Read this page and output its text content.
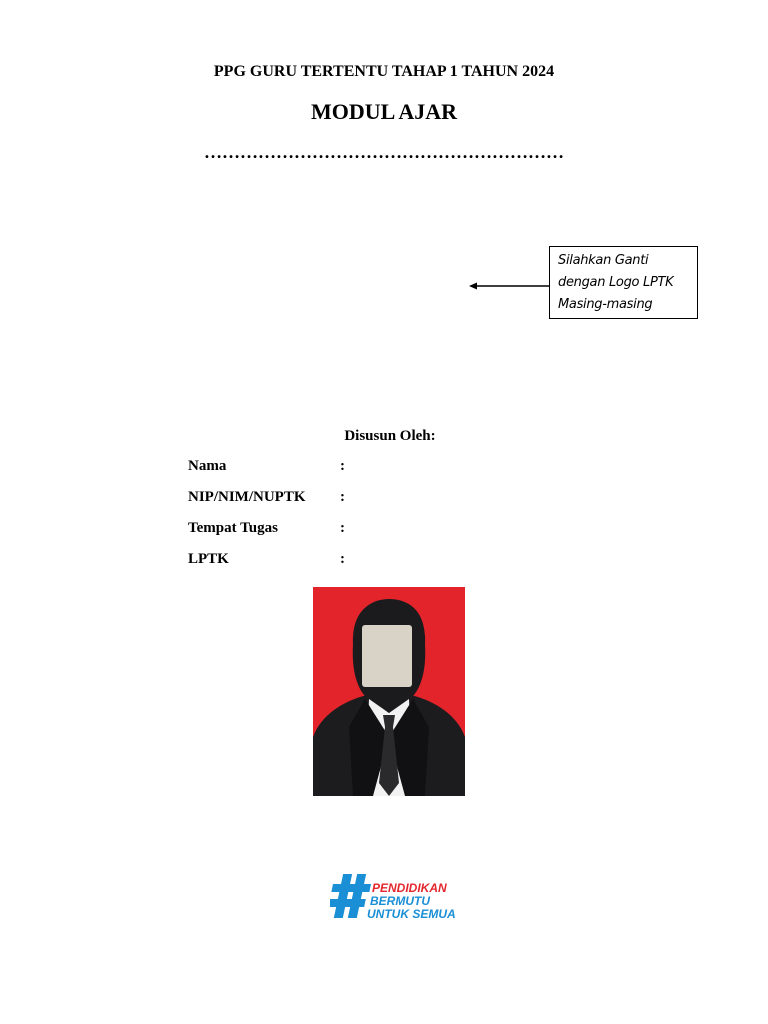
PPG GURU TERTENTU TAHAP 1 TAHUN 2024
MODUL AJAR
……………………………………………………
Silahkan Ganti
dengan Logo LPTK
Masing-masing
Disusun Oleh:
Nama	:
NIP/NIM/NUPTK :
Tempat Tugas	:
LPTK	:
PENDIDIKAN
BERMUTU
UNTUK SEMUA
